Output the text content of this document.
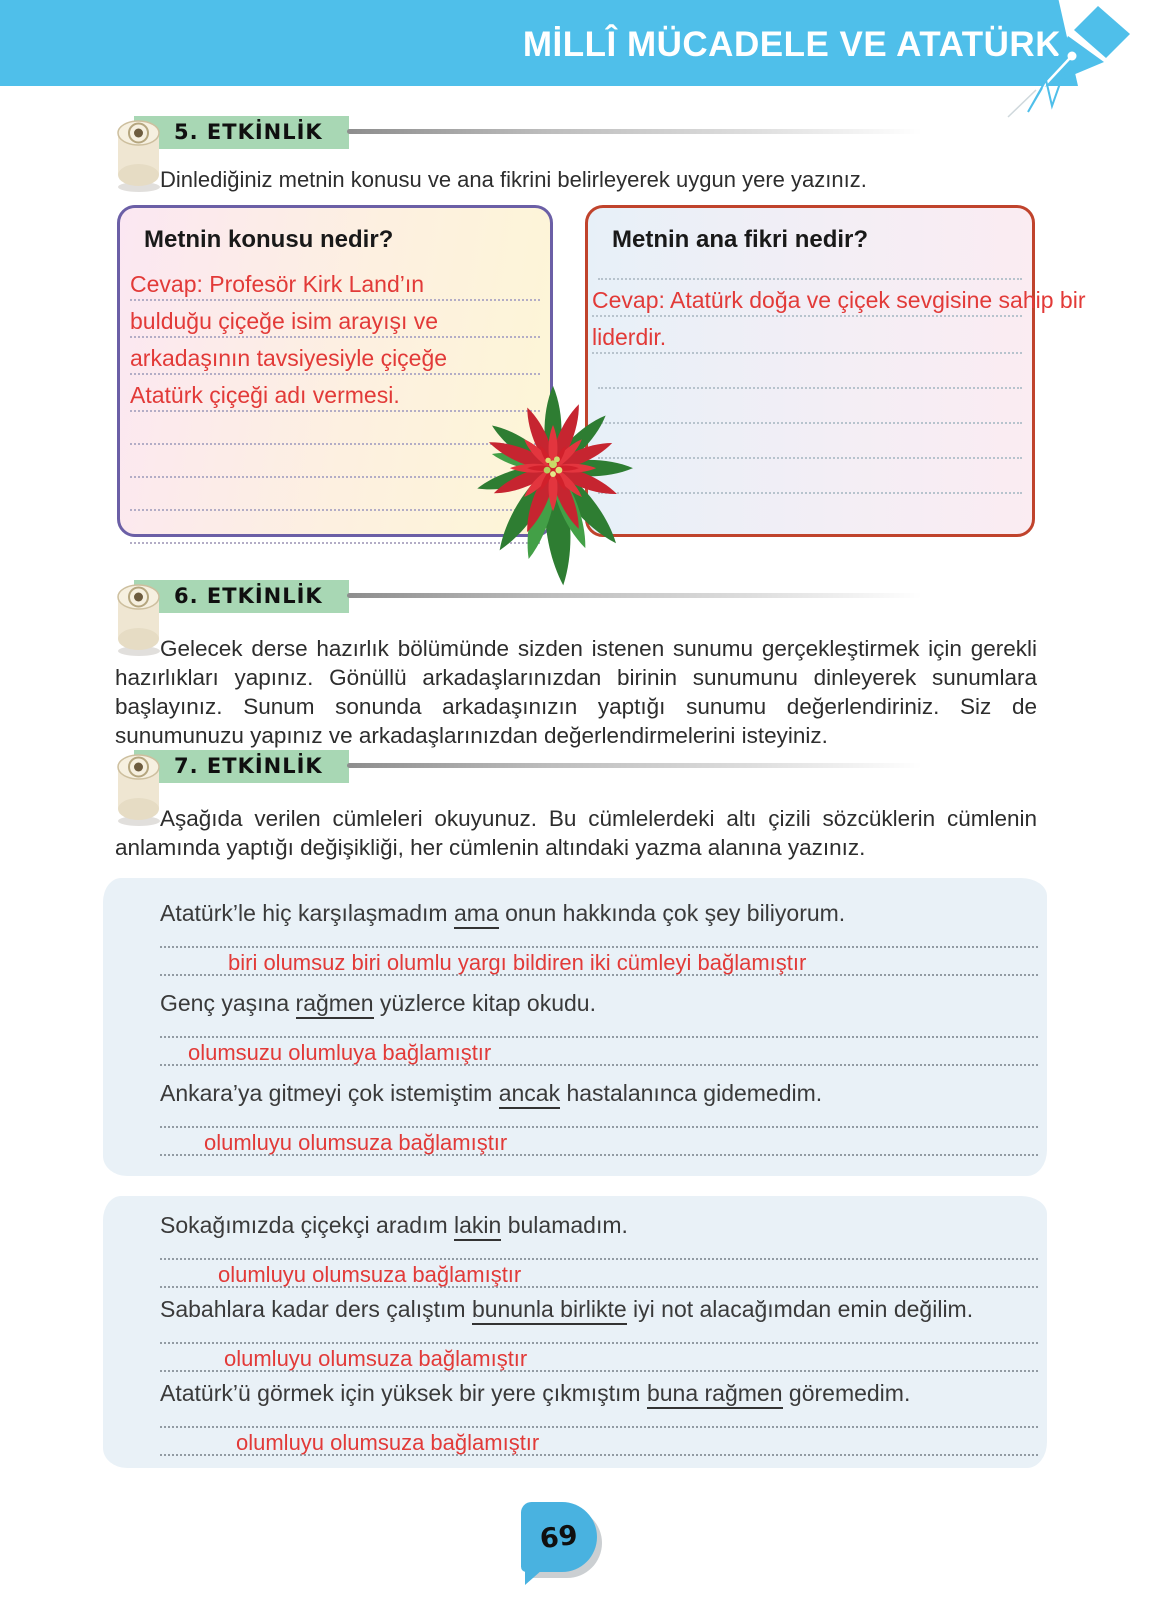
MİLLÎ MÜCADELE VE ATATÜRK
5. ETKİNLİK

Dinlediğiniz metnin konusu ve ana fikrini belirleyerek uygun yere yazınız.

Metnin konusu nedir?
Cevap: Profesör Kirk Land’ın
bulduğu çiçeğe isim arayışı ve
arkadaşının tavsiyesiyle çiçeğe
Atatürk çiçeği adı vermesi.
Metnin ana fikri nedir?
Cevap: Atatürk doğa ve çiçek sevgisine sahip bir
liderdir.
6. ETKİNLİK

Gelecek derse hazırlık bölümünde sizden istenen sunumu gerçekleştirmek için gerekli hazırlıkları yapınız. Gönüllü arkadaşlarınızdan birinin sunumunu dinleyerek sunumlara başlayınız. Sunum sonunda arkadaşınızın yaptığı sunumu değerlendiriniz. Siz de sunumunuzu yapınız ve arkadaşlarınızdan değerlendirmelerini isteyiniz.

7. ETKİNLİK

Aşağıda verilen cümleleri okuyunuz. Bu cümlelerdeki altı çizili sözcüklerin cümlenin anlamında yaptığı değişikliği, her cümlenin altındaki yazma alanına yazınız.

Atatürk’le hiç karşılaşmadım ama onun hakkında çok şey biliyorum.
biri olumsuz biri olumlu yargı bildiren iki cümleyi bağlamıştır
Genç yaşına rağmen yüzlerce kitap okudu.
olumsuzu olumluya bağlamıştır
Ankara’ya gitmeyi çok istemiştim ancak hastalanınca gidemedim.
olumluyu olumsuza bağlamıştır
Sokağımızda çiçekçi aradım lakin bulamadım.
olumluyu olumsuza bağlamıştır
Sabahlara kadar ders çalıştım bununla birlikte iyi not alacağımdan emin değilim.
olumluyu olumsuza bağlamıştır
Atatürk’ü görmek için yüksek bir yere çıkmıştım buna rağmen göremedim.
olumluyu olumsuza bağlamıştır
69
